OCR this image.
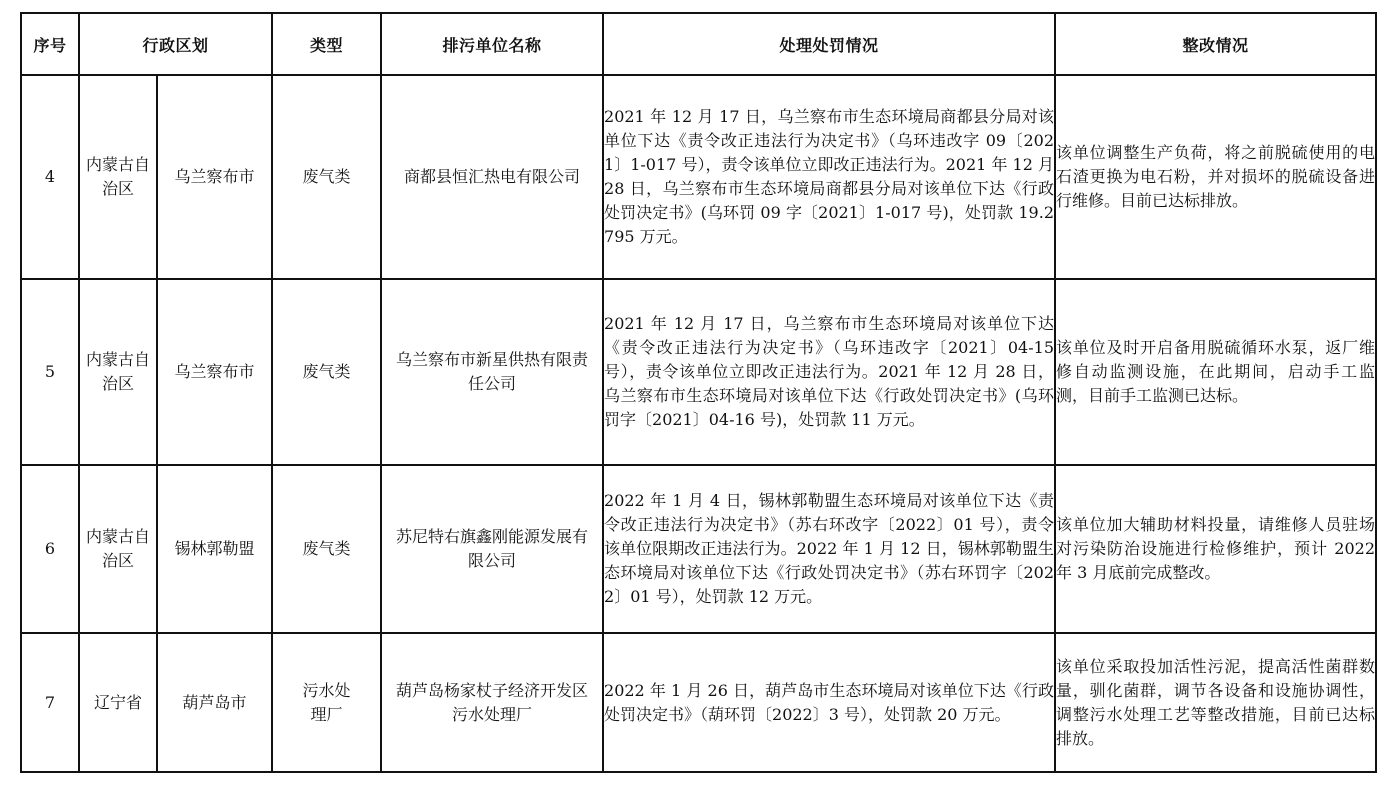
序号	行政区划		类型	排污单位名称	处理处罚情况	整改情况
4	内蒙古自治区	乌兰察布市	废气类	商都县恒汇热电有限公司	2021 年 12 月 17 日，乌兰察布市生态环境局商都县分局对该单位下达《责令改正违法行为决定书》（乌环违改字 09〔2021〕1-017 号），责令该单位立即改正违法行为。2021 年 12 月 28 日，乌兰察布市生态环境局商都县分局对该单位下达《行政处罚决定书》(乌环罚 09 字〔2021〕1-017 号)，处罚款 19.2795 万元。	该单位调整生产负荷，将之前脱硫使用的电石渣更换为电石粉，并对损坏的脱硫设备进行维修。目前已达标排放。
5	内蒙古自治区	乌兰察布市	废气类	乌兰察布市新星供热有限责任公司	2021 年 12 月 17 日，乌兰察布市生态环境局对该单位下达《责令改正违法行为决定书》（乌环违改字〔2021〕04-15 号），责令该单位立即改正违法行为。2021 年 12 月 28 日，乌兰察布市生态环境局对该单位下达《行政处罚决定书》(乌环罚字〔2021〕04-16 号)，处罚款 11 万元。	该单位及时开启备用脱硫循环水泵，返厂维修自动监测设施，在此期间，启动手工监测，目前手工监测已达标。
6	内蒙古自治区	锡林郭勒盟	废气类	苏尼特右旗鑫刚能源发展有限公司	2022 年 1 月 4 日，锡林郭勒盟生态环境局对该单位下达《责令改正违法行为决定书》（苏右环改字〔2022〕01 号），责令该单位限期改正违法行为。2022 年 1 月 12 日，锡林郭勒盟生态环境局对该单位下达《行政处罚决定书》（苏右环罚字〔2022〕01 号），处罚款 12 万元。	该单位加大辅助材料投量，请维修人员驻场对污染防治设施进行检修维护，预计 2022 年 3 月底前完成整改。
7	辽宁省	葫芦岛市	污水处理厂	葫芦岛杨家杖子经济开发区污水处理厂	2022 年 1 月 26 日，葫芦岛市生态环境局对该单位下达《行政处罚决定书》（葫环罚〔2022〕3 号），处罚款 20 万元。	该单位采取投加活性污泥，提高活性菌群数量，驯化菌群，调节各设备和设施协调性，调整污水处理工艺等整改措施，目前已达标排放。
